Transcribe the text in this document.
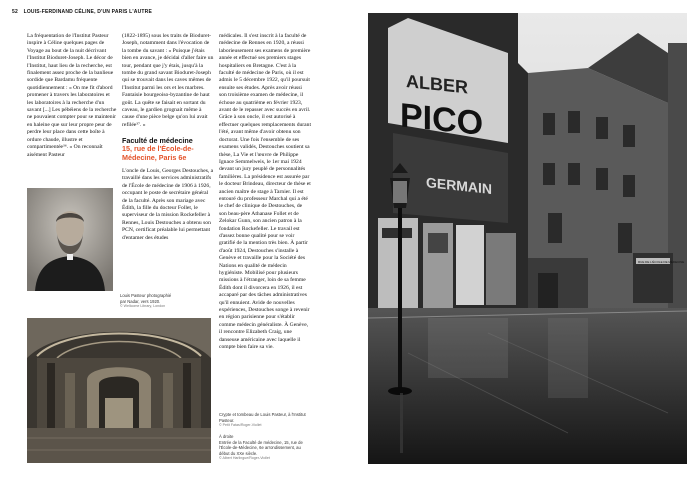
52 LOUIS-FERDINAND CÉLINE, D'UN PARIS L'AUTRE

La fréquentation de l'Institut Pasteur inspire à Céline quelques pages de Voyage au bout de la nuit décrivant l'Institut Bioduret-Joseph. Le décor de l'Institut, haut lieu de la recherche, est finalement assez proche de la banlieue sordide que Bardamu fréquente quotidiennement : « On me fit d'abord promener à travers les laboratoires et les laboratoires à la recherche d'un savant [...] Les pébéiens de la recherche ne pouvaient compter pour se maintenir en haleine que sur leur propre peur de perdre leur place dans cette boîte à ordure chaude, illustre et compartimentée³⁶. » On reconnaît aisément Pasteur

(1822-1895) sous les traits de Bioduret-Joseph, notamment dans l'évocation de la tombe du savant : « Puisque j'étais bien en avance, je décidai d'aller faire un tour, pendant que j'y étais, jusqu'à la tombe du grand savant Bioduret-Joseph qui se trouvait dans les caves mêmes de l'Institut parmi les ors et les marbres. Fantaisie bourgeoiso-byzantine de haut goût. La quête se faisait en sortant du caveau, le gardien grognait même à cause d'une pièce belge qu'on lui avait refilée³⁷. »

Faculté de médecine
15, rue de l'École-de-Médecine, Paris 6e

L'oncle de Louis, Georges Destouches, a travaillé dans les services administratifs de l'École de médecine de 1906 à 1926, occupant le poste de secrétaire général de la faculté. Après son mariage avec Édith, la fille du docteur Follet, le superviseur de la mission Rockefeller à Rennes, Louis Destouches a obtenu son PCN, certificat préalable lui permettant d'entamer des études

médicales. Il s'est inscrit à la faculté de médecine de Rennes en 1920, a réussi laborieusement ses examens de première année et effectué ses premiers stages hospitaliers en Bretagne. C'est à la faculté de médecine de Paris, où il est admis le 5 décembre 1922, qu'il poursuit ensuite ses études. Après avoir réussi son troisième examen de médecine, il échoue au quatrième en février 1923, avant de le repasser avec succès en avril. Grâce à son oncle, il est autorisé à effectuer quelques remplacements durant l'été, avant même d'avoir obtenu son doctorat. Une fois l'ensemble de ses examens validés, Destouches soutient sa thèse, La Vie et l'œuvre de Philippe Ignace Semmelweis, le 1er mai 1924 devant un jury peuplé de personnalités familières. La présidence est assurée par le docteur Brindeau, directeur de thèse et ancien maître de stage à Tarnier. Il est entouré du professeur Marchal qui a été le chef de clinique de Destouches, de son beau-père Athanase Follet et de Zelokar Gunn, son ancien patron à la fondation Rockefeller. Le travail est d'assez bonne qualité pour se voir gratifié de la mention très bien. À partir d'août 1924, Destouches s'installe à Genève et travaille pour la Société des Nations en qualité de médecin hygiéniste. Mobilisé pour plusieurs missions à l'étranger, loin de sa femme Édith dont il divorcera en 1926, il est accaparé par des tâches administratives qu'il ennuient. Avide de nouvelles expériences, Destouches songe à revenir en région parisienne pour s'établir comme médecin généraliste. À Genève, il rencontre Elizabeth Craig, une danseuse américaine avec laquelle il compte bien faire sa vie.

Louis Pasteur photographié par Nadar, vers 1920.
© Wellcome Library, London
Crypte et tombeau de Louis Pasteur, à l'Institut Pasteur.
© Petit Fatas/Roger-Viollet
À droite
Entrée de la Faculté de médecine, 15, rue de l'École-de-Médecine, 6e arrondissement, au début du XXe siècle.
© Albert Harlingue/Roger-Viollet
ALBER
PICO
GERMAIN
RUE DE L'ÉCOLE DE MÉDECINE
